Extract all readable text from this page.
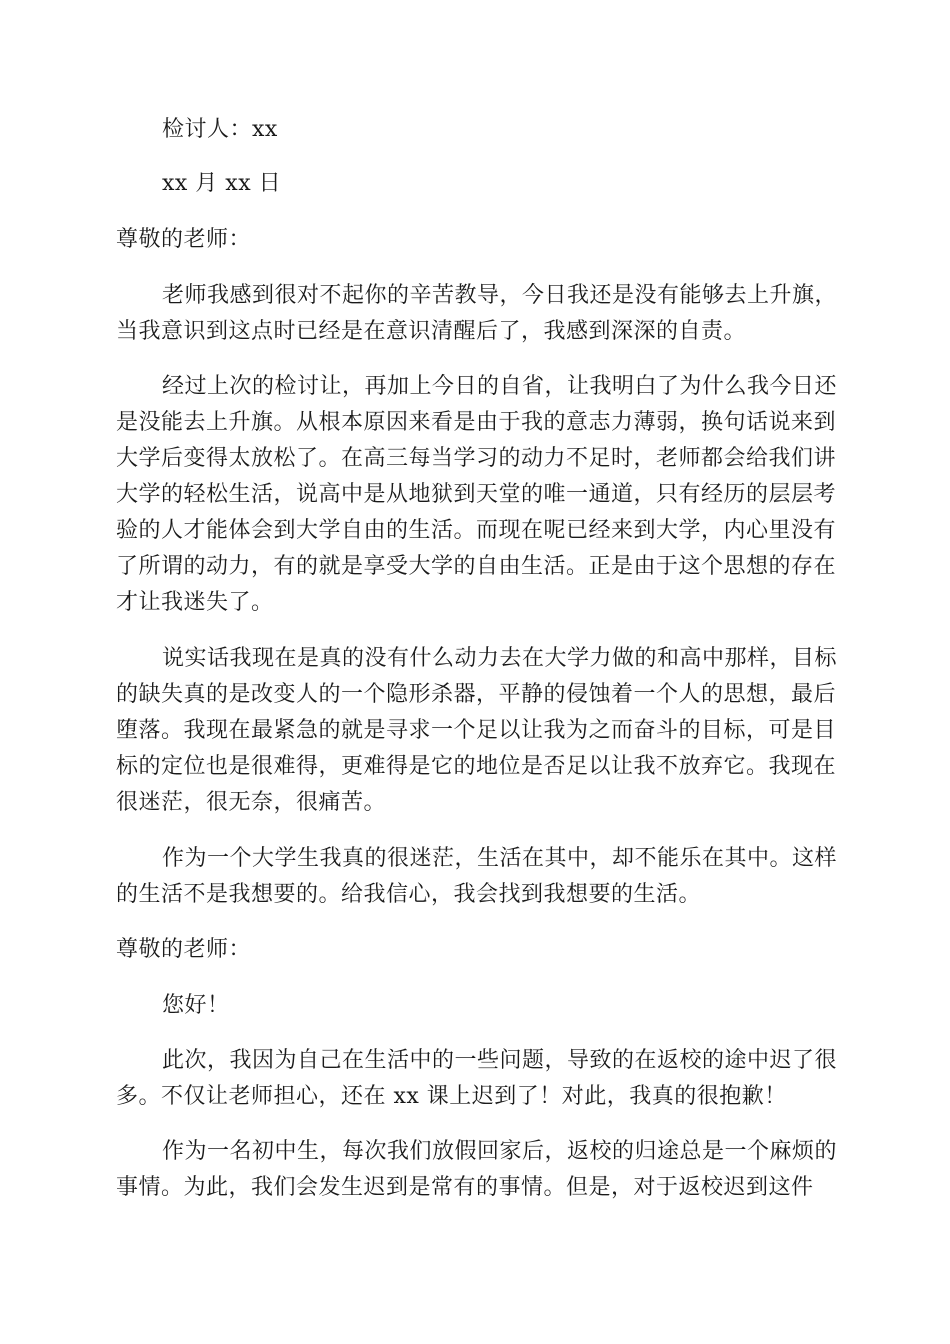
检讨人：xx
xx 月 xx 日
尊敬的老师：
老师我感到很对不起你的辛苦教导，今日我还是没有能够去上升旗，
当我意识到这点时已经是在意识清醒后了，我感到深深的自责。
经过上次的检讨让，再加上今日的自省，让我明白了为什么我今日还
是没能去上升旗。从根本原因来看是由于我的意志力薄弱，换句话说来到
大学后变得太放松了。在高三每当学习的动力不足时，老师都会给我们讲
大学的轻松生活，说高中是从地狱到天堂的唯一通道，只有经历的层层考
验的人才能体会到大学自由的生活。而现在呢已经来到大学，内心里没有
了所谓的动力，有的就是享受大学的自由生活。正是由于这个思想的存在
才让我迷失了。
说实话我现在是真的没有什么动力去在大学力做的和高中那样，目标
的缺失真的是改变人的一个隐形杀器，平静的侵蚀着一个人的思想，最后
堕落。我现在最紧急的就是寻求一个足以让我为之而奋斗的目标，可是目
标的定位也是很难得，更难得是它的地位是否足以让我不放弃它。我现在
很迷茫，很无奈，很痛苦。
作为一个大学生我真的很迷茫，生活在其中，却不能乐在其中。这样
的生活不是我想要的。给我信心，我会找到我想要的生活。
尊敬的老师：
您好！
此次，我因为自己在生活中的一些问题，导致的在返校的途中迟了很
多。不仅让老师担心，还在 xx 课上迟到了！对此，我真的很抱歉！
作为一名初中生，每次我们放假回家后，返校的归途总是一个麻烦的
事情。为此，我们会发生迟到是常有的事情。但是，对于返校迟到这件
